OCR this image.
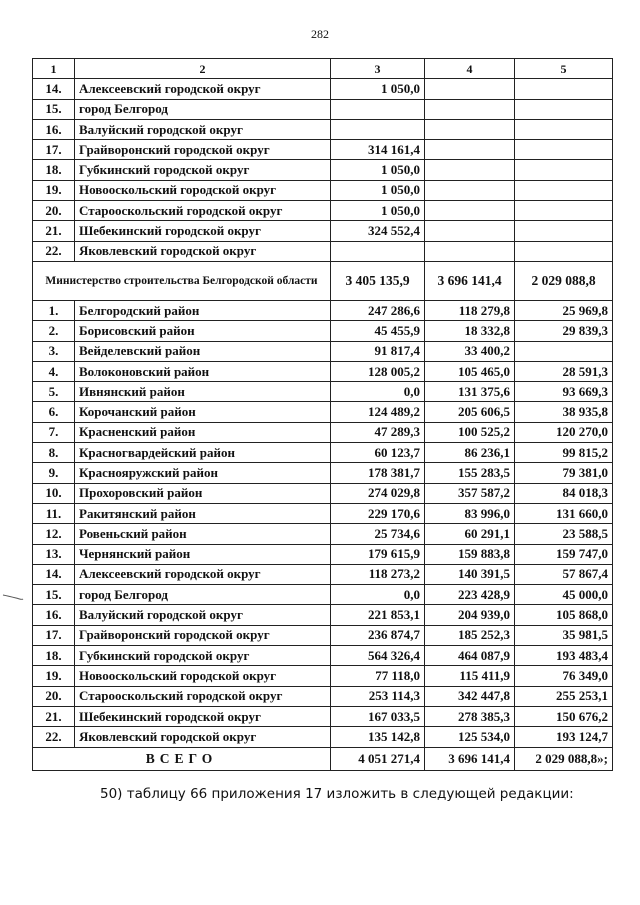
282
1	2	3	4	5
14.	Алексеевский городской округ	1 050,0		
15.	город Белгород			
16.	Валуйский городской округ			
17.	Грайворонский городской округ	314 161,4		
18.	Губкинский городской округ	1 050,0		
19.	Новооскольский городской округ	1 050,0		
20.	Старооскольский городской округ	1 050,0		
21.	Шебекинский городской округ	324 552,4		
22.	Яковлевский городской округ			
Министерство строительства Белгородской области		3 405 135,9	3 696 141,4	2 029 088,8
1.	Белгородский район	247 286,6	118 279,8	25 969,8
2.	Борисовский район	45 455,9	18 332,8	29 839,3
3.	Вейделевский район	91 817,4	33 400,2	
4.	Волоконовский район	128 005,2	105 465,0	28 591,3
5.	Ивнянский район	0,0	131 375,6	93 669,3
6.	Корочанский район	124 489,2	205 606,5	38 935,8
7.	Красненский район	47 289,3	100 525,2	120 270,0
8.	Красногвардейский район	60 123,7	86 236,1	99 815,2
9.	Краснояружский район	178 381,7	155 283,5	79 381,0
10.	Прохоровский район	274 029,8	357 587,2	84 018,3
11.	Ракитянский район	229 170,6	83 996,0	131 660,0
12.	Ровеньский район	25 734,6	60 291,1	23 588,5
13.	Чернянский район	179 615,9	159 883,8	159 747,0
14.	Алексеевский городской округ	118 273,2	140 391,5	57 867,4
15.	город Белгород	0,0	223 428,9	45 000,0
16.	Валуйский городской округ	221 853,1	204 939,0	105 868,0
17.	Грайворонский городской округ	236 874,7	185 252,3	35 981,5
18.	Губкинский городской округ	564 326,4	464 087,9	193 483,4
19.	Новооскольский городской округ	77 118,0	115 411,9	76 349,0
20.	Старооскольский городской округ	253 114,3	342 447,8	255 253,1
21.	Шебекинский городской округ	167 033,5	278 385,3	150 676,2
22.	Яковлевский городской округ	135 142,8	125 534,0	193 124,7
ВСЕГО		4 051 271,4	3 696 141,4	2 029 088,8»;
50) таблицу 66 приложения 17 изложить в следующей редакции:
